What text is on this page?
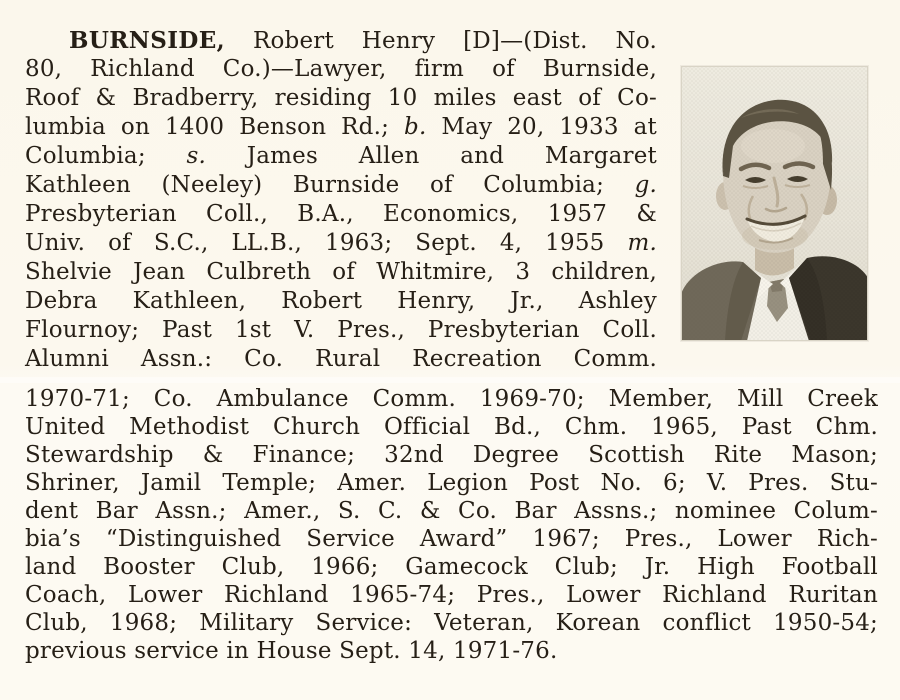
BURNSIDE, Robert Henry [D]—(Dist. No.
80, Richland Co.)—Lawyer, firm of Burnside,
Roof & Bradberry, residing 10 miles east of Co-
lumbia on 1400 Benson Rd.; b. May 20, 1933 at
Columbia; s. James Allen and Margaret
Kathleen (Neeley) Burnside of Columbia; g.
Presbyterian Coll., B.A., Economics, 1957 &
Univ. of S.C., LL.B., 1963; Sept. 4, 1955 m.
Shelvie Jean Culbreth of Whitmire, 3 children,
Debra Kathleen, Robert Henry, Jr., Ashley
Flournoy; Past 1st V. Pres., Presbyterian Coll.
Alumni Assn.: Co. Rural Recreation Comm.
1970-71; Co. Ambulance Comm. 1969-70; Member, Mill Creek
United Methodist Church Official Bd., Chm. 1965, Past Chm.
Stewardship & Finance; 32nd Degree Scottish Rite Mason;
Shriner, Jamil Temple; Amer. Legion Post No. 6; V. Pres. Stu-
dent Bar Assn.; Amer., S. C. & Co. Bar Assns.; nominee Colum-
bia’s “Distinguished Service Award” 1967; Pres., Lower Rich-
land Booster Club, 1966; Gamecock Club; Jr. High Football
Coach, Lower Richland 1965-74; Pres., Lower Richland Ruritan
Club, 1968; Military Service: Veteran, Korean conflict 1950-54;
previous service in House Sept. 14, 1971-76.
